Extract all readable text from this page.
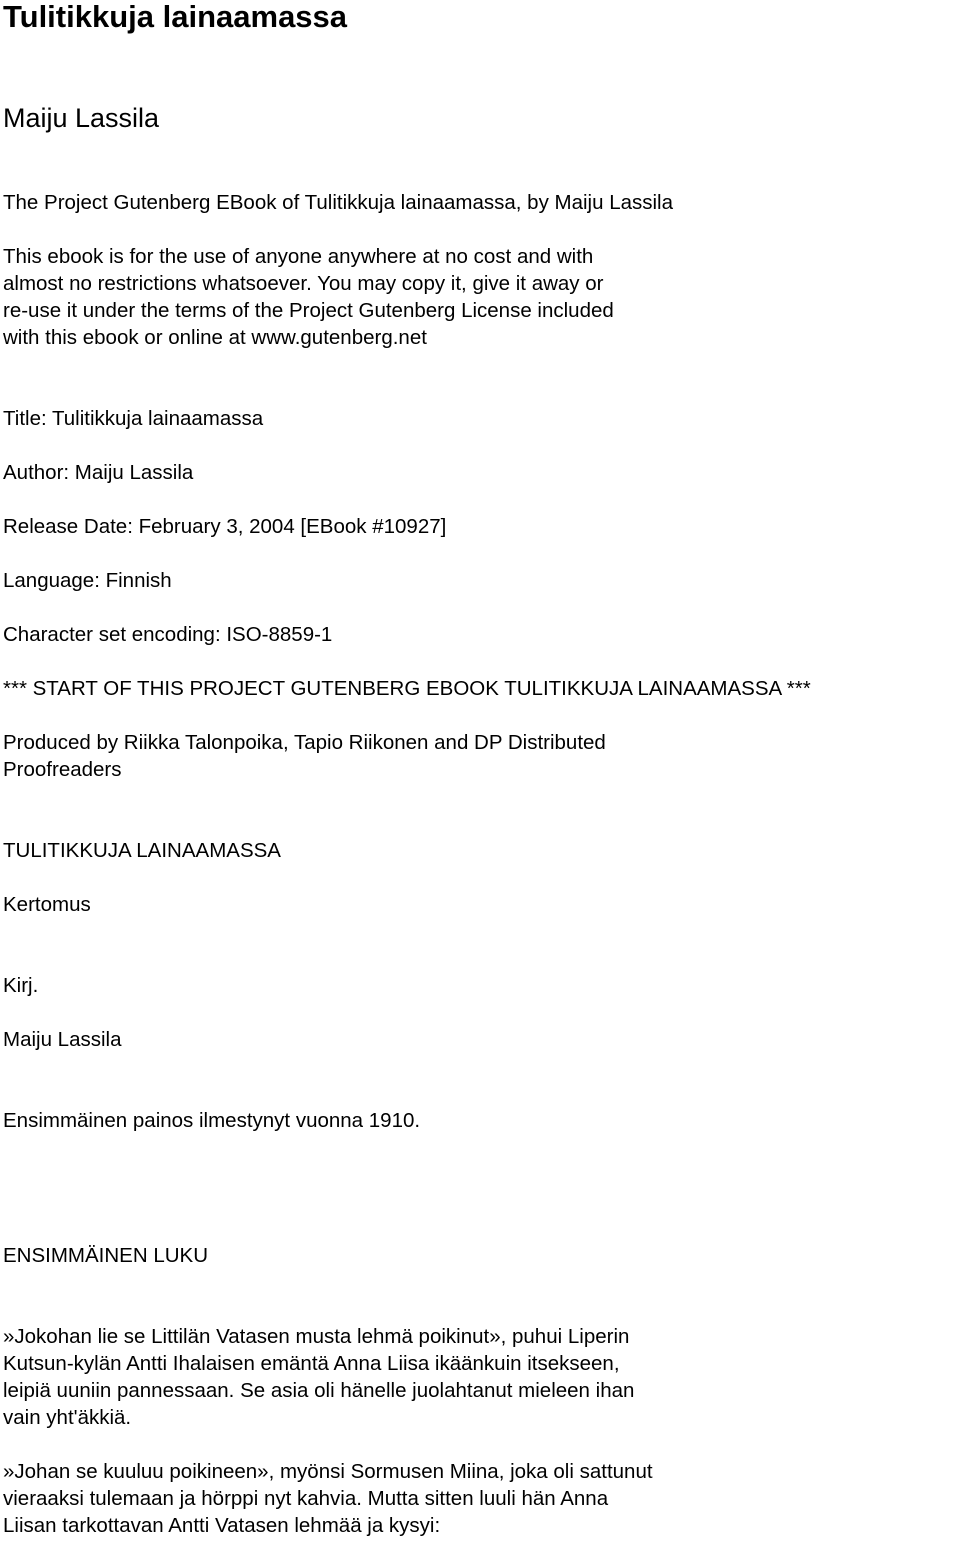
Tulitikkuja lainaamassa
Maiju Lassila

The Project Gutenberg EBook of Tulitikkuja lainaamassa, by Maiju Lassila

This ebook is for the use of anyone anywhere at no cost and with
almost no restrictions whatsoever. You may copy it, give it away or
re-use it under the terms of the Project Gutenberg License included
with this ebook or online at www.gutenberg.net

Title: Tulitikkuja lainaamassa

Author: Maiju Lassila

Release Date: February 3, 2004 [EBook #10927]

Language: Finnish

Character set encoding: ISO-8859-1

*** START OF THIS PROJECT GUTENBERG EBOOK TULITIKKUJA LAINAAMASSA ***

Produced by Riikka Talonpoika, Tapio Riikonen and DP Distributed
Proofreaders

TULITIKKUJA LAINAAMASSA

Kertomus

Kirj.

Maiju Lassila

Ensimmäinen painos ilmestynyt vuonna 1910.

ENSIMMÄINEN LUKU

»Jokohan lie se Littilän Vatasen musta lehmä poikinut», puhui Liperin
Kutsun-kylän Antti Ihalaisen emäntä Anna Liisa ikäänkuin itsekseen,
leipiä uuniin pannessaan. Se asia oli hänelle juolahtanut mieleen ihan
vain yht'äkkiä.

»Johan se kuuluu poikineen», myönsi Sormusen Miina, joka oli sattunut
vieraaksi tulemaan ja hörppi nyt kahvia. Mutta sitten luuli hän Anna
Liisan tarkottavan Antti Vatasen lehmää ja kysyi:
